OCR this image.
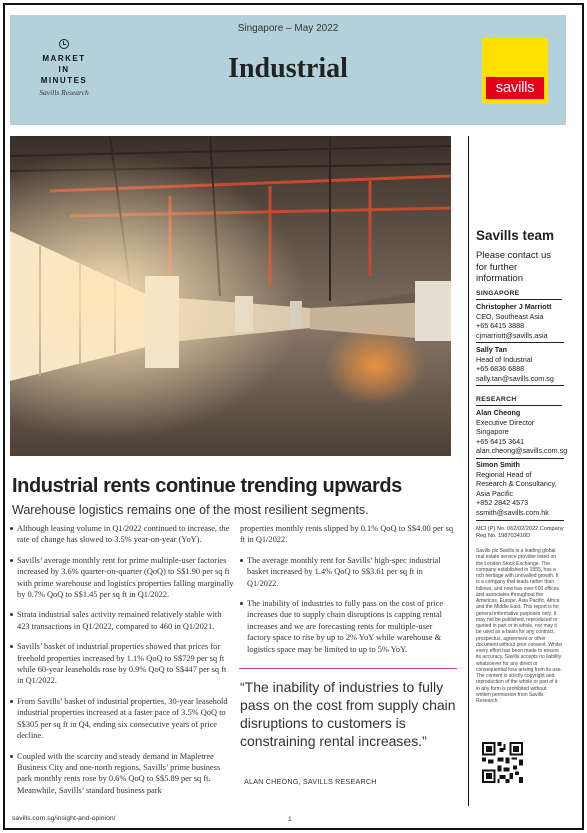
Singapore – May 2022
MARKET
IN
MINUTES
Savills Research
Industrial
savills
Industrial rents continue trending upwards
Warehouse logistics remains one of the most resilient segments.
Although leasing volume in Q1/2022 continued to increase, the rate of change has slowed to 3.5% year-on-year (YoY).
Savills’ average monthly rent for prime multiple-user factories increased by 3.6% quarter-on-quarter (QoQ) to S$1.90 per sq ft with prime warehouse and logistics properties falling marginally by 0.7% QoQ to S$1.45 per sq ft in Q1/2022.
Strata industrial sales activity remained relatively stable with 423 transactions in Q1/2022, compared to 460 in Q1/2021.
Savills’ basket of industrial properties showed that prices for freehold properties increased by 1.1% QoQ to S$729 per sq ft while 60-year leaseholds rose by 0.9% QoQ to S$447 per sq ft in Q1/2022.
From Savills’ basket of industrial properties, 30-year leasehold industrial properties increased at a faster pace of 3.5% QoQ to S$305 per sq ft in Q4, ending six consecutive years of price decline.
Coupled with the scarcity and steady demand in Mapletree Business City and one-north regions, Savills’ prime business park monthly rents rose by 0.6% QoQ to S$5.89 per sq ft. Meanwhile, Savills’ standard business park
properties monthly rents slipped by 0.1% QoQ to S$4.00 per sq ft in Q1/2022.
The average monthly rent for Savills’ high-spec industrial basket increased by 1.4% QoQ to S$3.61 per sq ft in Q1/2022.
The inability of industries to fully pass on the cost of price increases due to supply chain disruptions is capping rental increases and we are forecasting rents for multiple-user factory space to rise by up to 2% YoY while warehouse & logistics space may be limited to up to 5% YoY.
“The inability of industries to fully pass on the cost from supply chain disruptions to customers is constraining rental increases.”
ALAN CHEONG, SAVILLS RESEARCH
Savills team
Please contact us for further information
SINGAPORE
Christopher J Marriott
CEO, Southeast Asia
+65 6415 3888
cjmarriott@savills.asia
Sally Tan
Head of Industrial
+65 6836 6888
sally.tan@savills.com.sg
RESEARCH
Alan Cheong
Executive Director
Singapore
+65 6415 3641
alan.cheong@savills.com.sg
Simon Smith
Regional Head of
Research & Consultancy,
Asia Pacific
+852 2842 4573
ssmith@savills.com.hk
MCI (P) No. 062/02/2022 Company Reg No. 198703410D
Savills plc Savills is a leading global real estate service provider listed on the London Stock Exchange. The company established in 1855, has a rich heritage with unrivalled growth. It is a company that leads rather than follows, and now has over 600 offices and associates throughout the Americas, Europe, Asia Pacific, Africa and the Middle East. This report is for general informative purposes only. It may not be published, reproduced or quoted in part or in whole, nor may it be used as a basis for any contract, prospectus, agreement or other document without prior consent. Whilst every effort has been made to ensure its accuracy, Savills accepts no liability whatsoever for any direct or consequential loss arising from its use. The content is strictly copyright and reproduction of the whole or part of it in any form is prohibited without written permission from Savills Research.
savills.com.sg/insight-and-opinion/	1
